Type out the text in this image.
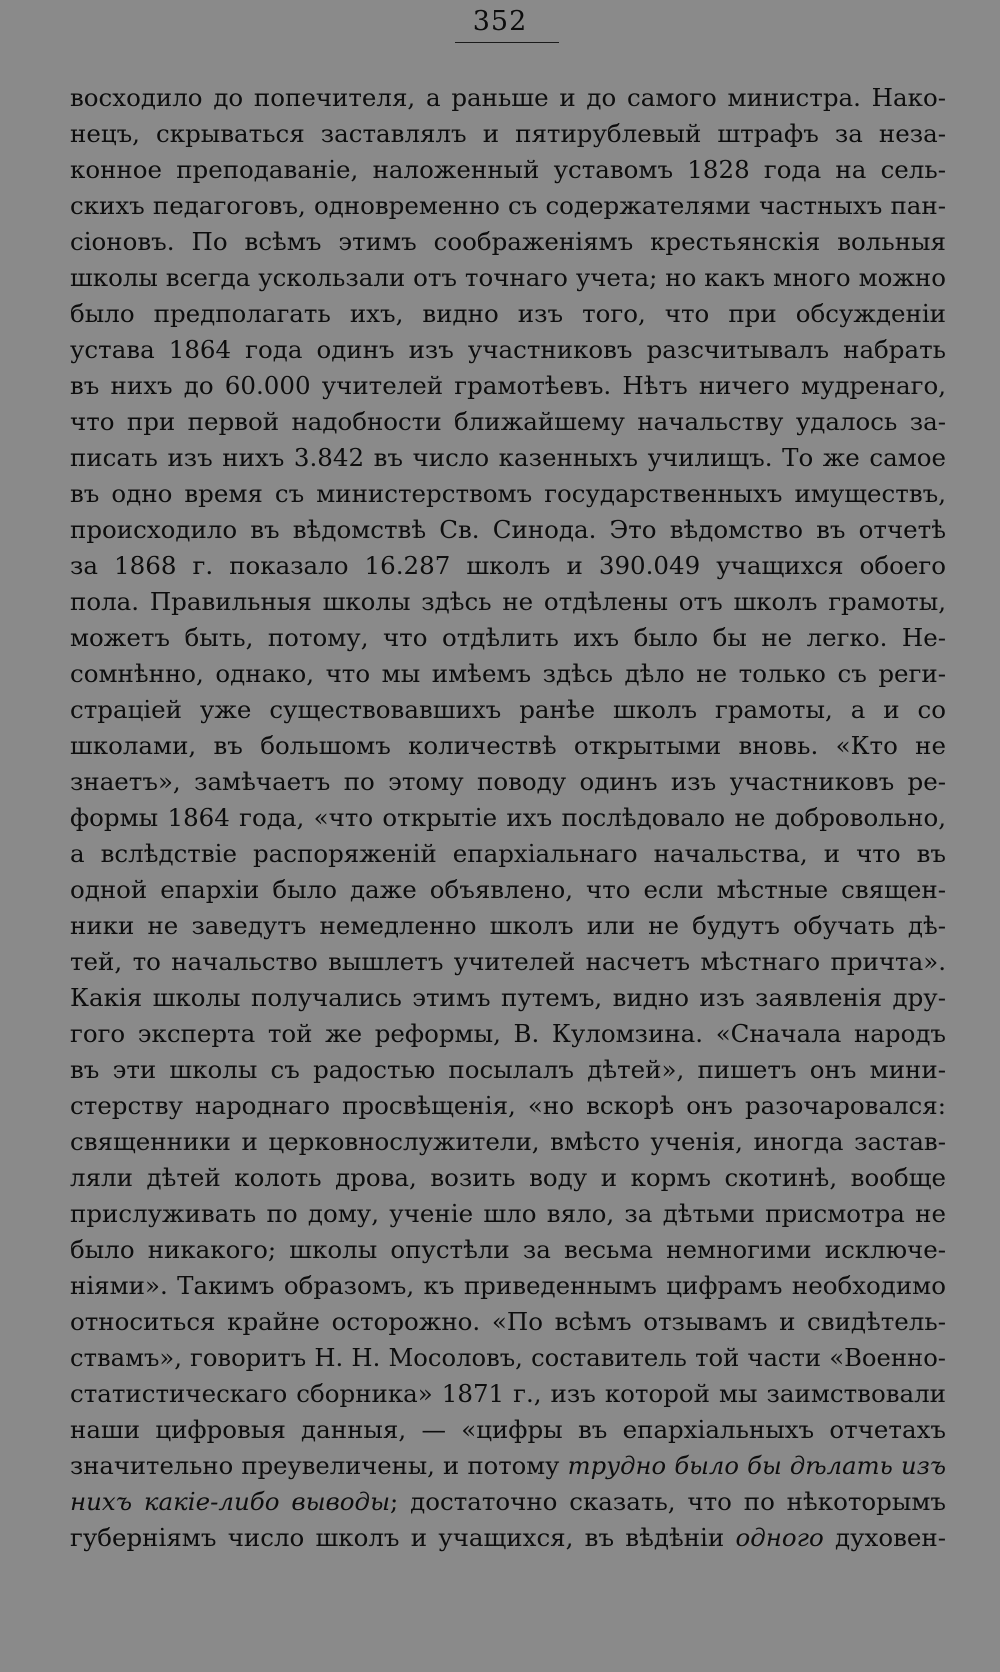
352
восходило до попечителя, а раньше и до самого министра. Нако-
нецъ, скрываться заставлялъ и пятирублевый штрафъ за неза-
конное преподаваніе, наложенный уставомъ 1828 года на сель-
скихъ педагоговъ, одновременно съ содержателями частныхъ пан-
сіоновъ. По всѣмъ этимъ соображеніямъ крестьянскія вольныя
школы всегда ускользали отъ точнаго учета; но какъ много можно
было предполагать ихъ, видно изъ того, что при обсужденіи
устава 1864 года одинъ изъ участниковъ разсчитывалъ набрать
въ нихъ до 60.000 учителей грамотѣевъ. Нѣтъ ничего мудренаго,
что при первой надобности ближайшему начальству удалось за-
писать изъ нихъ 3.842 въ число казенныхъ училищъ. То же самое
въ одно время съ министерствомъ государственныхъ имуществъ,
происходило въ вѣдомствѣ Св. Синода. Это вѣдомство въ отчетѣ
за 1868 г. показало 16.287 школъ и 390.049 учащихся обоего
пола. Правильныя школы здѣсь не отдѣлены отъ школъ грамоты,
можетъ быть, потому, что отдѣлить ихъ было бы не легко. Не-
сомнѣнно, однако, что мы имѣемъ здѣсь дѣло не только съ реги-
страціей уже существовавшихъ ранѣе школъ грамоты, а и со
школами, въ большомъ количествѣ открытыми вновь. «Кто не
знаетъ», замѣчаетъ по этому поводу одинъ изъ участниковъ ре-
формы 1864 года, «что открытіе ихъ послѣдовало не добровольно,
а вслѣдствіе распоряженій епархіальнаго начальства, и что въ
одной епархіи было даже объявлено, что если мѣстные священ-
ники не заведутъ немедленно школъ или не будутъ обучать дѣ-
тей, то начальство вышлетъ учителей насчетъ мѣстнаго причта».
Какія школы получались этимъ путемъ, видно изъ заявленія дру-
гого эксперта той же реформы, В. Куломзина. «Сначала народъ
въ эти школы съ радостью посылалъ дѣтей», пишетъ онъ мини-
стерству народнаго просвѣщенія, «но вскорѣ онъ разочаровался:
священники и церковнослужители, вмѣсто ученія, иногда застав-
ляли дѣтей колоть дрова, возить воду и кормъ скотинѣ, вообще
прислуживать по дому, ученіе шло вяло, за дѣтьми присмотра не
было никакого; школы опустѣли за весьма немногими исключе-
ніями». Такимъ образомъ, къ приведеннымъ цифрамъ необходимо
относиться крайне осторожно. «По всѣмъ отзывамъ и свидѣтель-
ствамъ», говоритъ Н. Н. Мосоловъ, составитель той части «Военно-
статистическаго сборника» 1871 г., изъ которой мы заимствовали
наши цифровыя данныя, — «цифры въ епархіальныхъ отчетахъ
значительно преувеличены, и потому трудно было бы дѣлать изъ
нихъ какіе-либо выводы; достаточно сказать, что по нѣкоторымъ
губерніямъ число школъ и учащихся, въ вѣдѣніи одного духовен-
